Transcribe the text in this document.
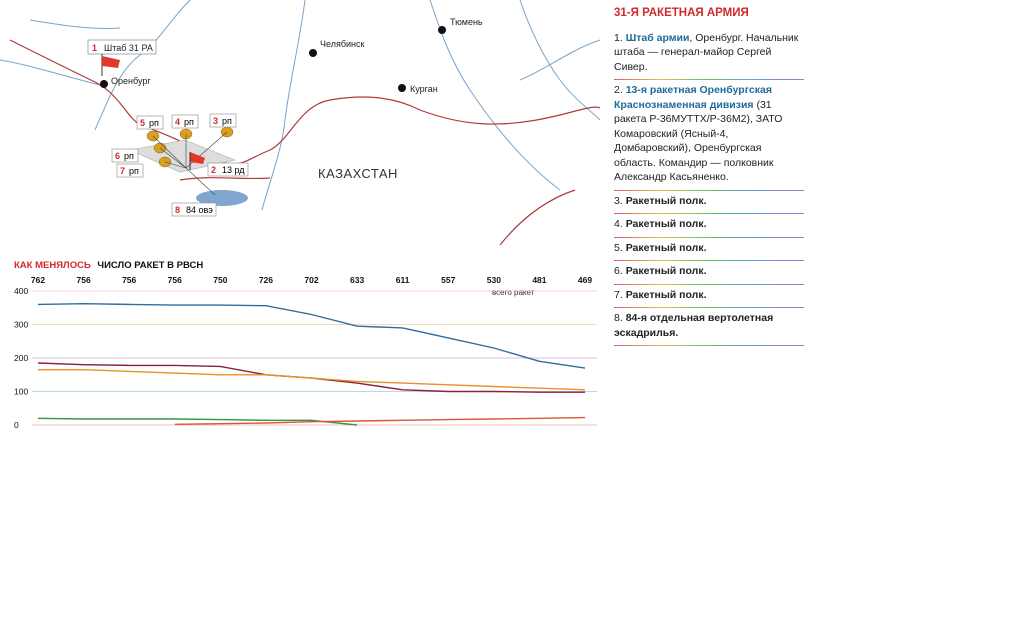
Тюмень
Челябинск
Курган
Оренбург
КАЗАХСТАН
1 Штаб 31 РА
5 рп 4 рп 3 рп
6 рп
7 рп	2 13 рд
8 84 овэ
КАК МЕНЯЛОСЬ ЧИСЛО РАКЕТ В РВСН
762	756	756	756	750	726	702	633	611	557	530	481	469
всего ракет
400
300
200
100
0
31-Я РАКЕТНАЯ АРМИЯ
1. Штаб армии, Оренбург. Начальник штаба — генерал-майор Сергей Сивер.
2. 13-я ракетная Оренбургская Краснознаменная дивизия (31 ракета Р-36МУТТХ/Р-36М2), ЗАТО Комаровский (Ясный-4, Домбаровский), Оренбургская область. Командир — полковник Александр Касьяненко.
3. Ракетный полк.
4. Ракетный полк.
5. Ракетный полк.
6. Ракетный полк.
7. Ракетный полк.
8. 84-я отдельная вертолетная эскадрилья.
